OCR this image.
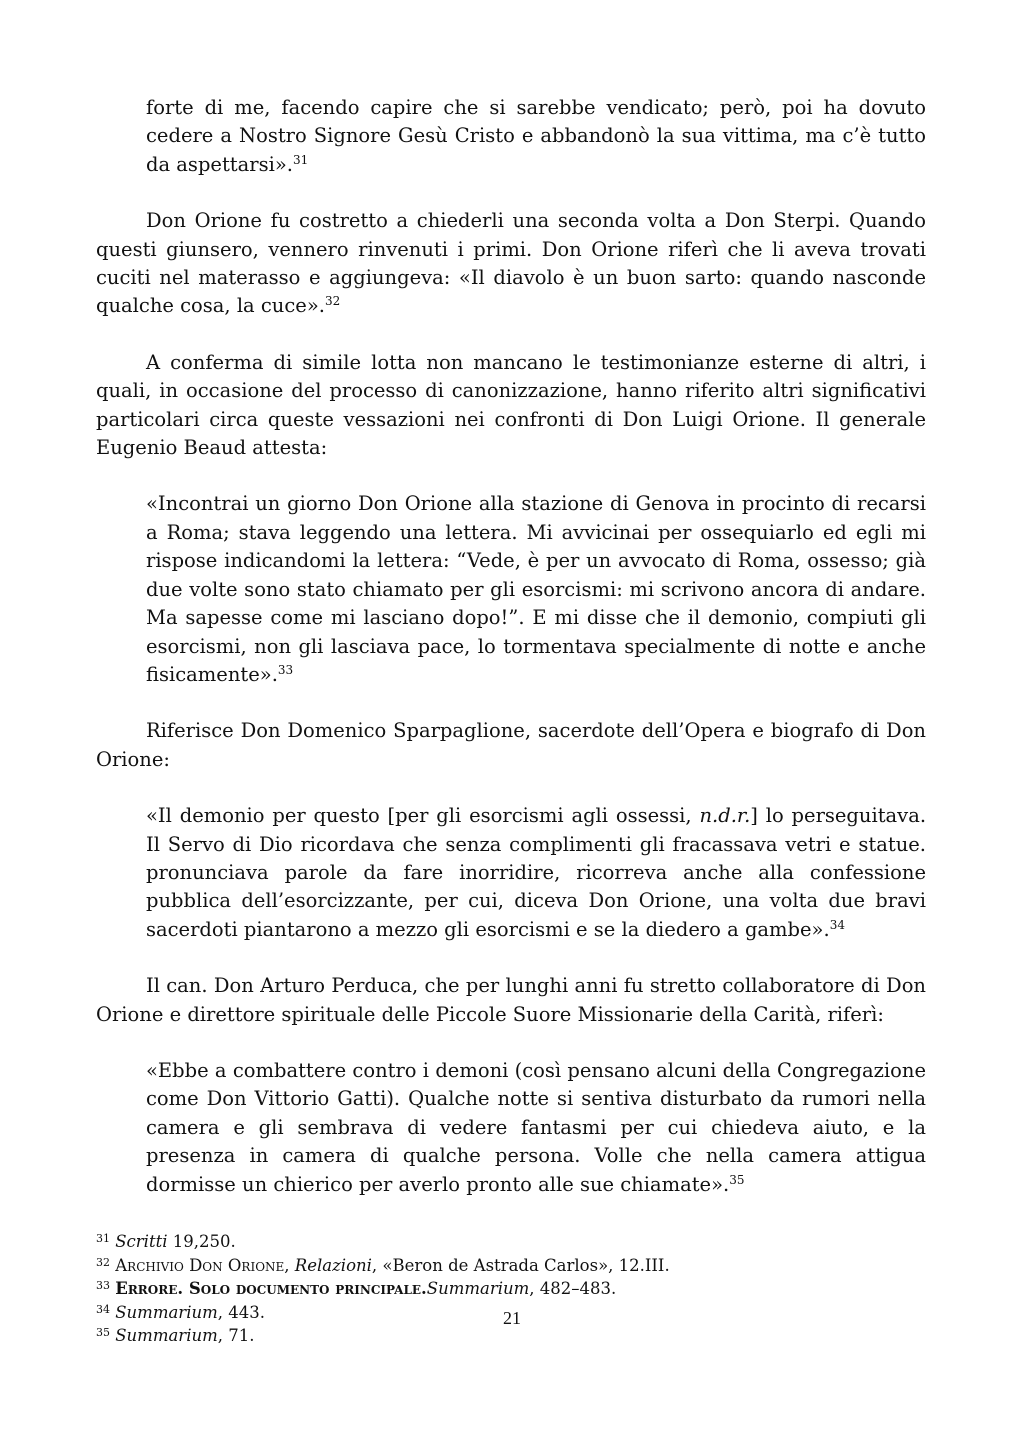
forte di me, facendo capire che si sarebbe vendicato; però, poi ha dovuto cedere a Nostro Signore Gesù Cristo e abbandonò la sua vittima, ma c’è tutto da aspettarsi».$^{31}$

Don Orione fu costretto a chiederli una seconda volta a Don Sterpi. Quando questi giunsero, vennero rinvenuti i primi. Don Orione riferì che li aveva trovati cuciti nel materasso e aggiungeva: «Il diavolo è un buon sarto: quando nasconde qualche cosa, la cuce».$^{32}$

A conferma di simile lotta non mancano le testimonianze esterne di altri, i quali, in occasione del processo di canonizzazione, hanno riferito altri significativi particolari circa queste vessazioni nei confronti di Don Luigi Orione. Il generale Eugenio Beaud attesta:

«Incontrai un giorno Don Orione alla stazione di Genova in procinto di recarsi a Roma; stava leggendo una lettera. Mi avvicinai per ossequiarlo ed egli mi rispose indicandomi la lettera: “Vede, è per un avvocato di Roma, ossesso; già due volte sono stato chiamato per gli esorcismi: mi scrivono ancora di andare. Ma sapesse come mi lasciano dopo!”. E mi disse che il demonio, compiuti gli esorcismi, non gli lasciava pace, lo tormentava specialmente di notte e anche fisicamente».$^{33}$

Riferisce Don Domenico Sparpaglione, sacerdote dell’Opera e biografo di Don Orione:

«Il demonio per questo [per gli esorcismi agli ossessi, n.d.r.] lo perseguitava. Il Servo di Dio ricordava che senza complimenti gli fracassava vetri e statue. pronunciava parole da fare inorridire, ricorreva anche alla confessione pubblica dell’esorcizzante, per cui, diceva Don Orione, una volta due bravi sacerdoti piantarono a mezzo gli esorcismi e se la diedero a gambe».$^{34}$

Il can. Don Arturo Perduca, che per lunghi anni fu stretto collaboratore di Don Orione e direttore spirituale delle Piccole Suore Missionarie della Carità, riferì:

«Ebbe a combattere contro i demoni (così pensano alcuni della Congregazione come Don Vittorio Gatti). Qualche notte si sentiva disturbato da rumori nella camera e gli sembrava di vedere fantasmi per cui chiedeva aiuto, e la presenza in camera di qualche persona. Volle che nella camera attigua dormisse un chierico per averlo pronto alle sue chiamate».$^{35}$

$^{31}$ Scritti 19,250.
$^{32}$ Archivio Don Orione, Relazioni, «Beron de Astrada Carlos», 12.III.
$^{33}$ Errore. Solo documento principale.Summarium, 482–483.
$^{34}$ Summarium, 443.
$^{35}$ Summarium, 71.
21
